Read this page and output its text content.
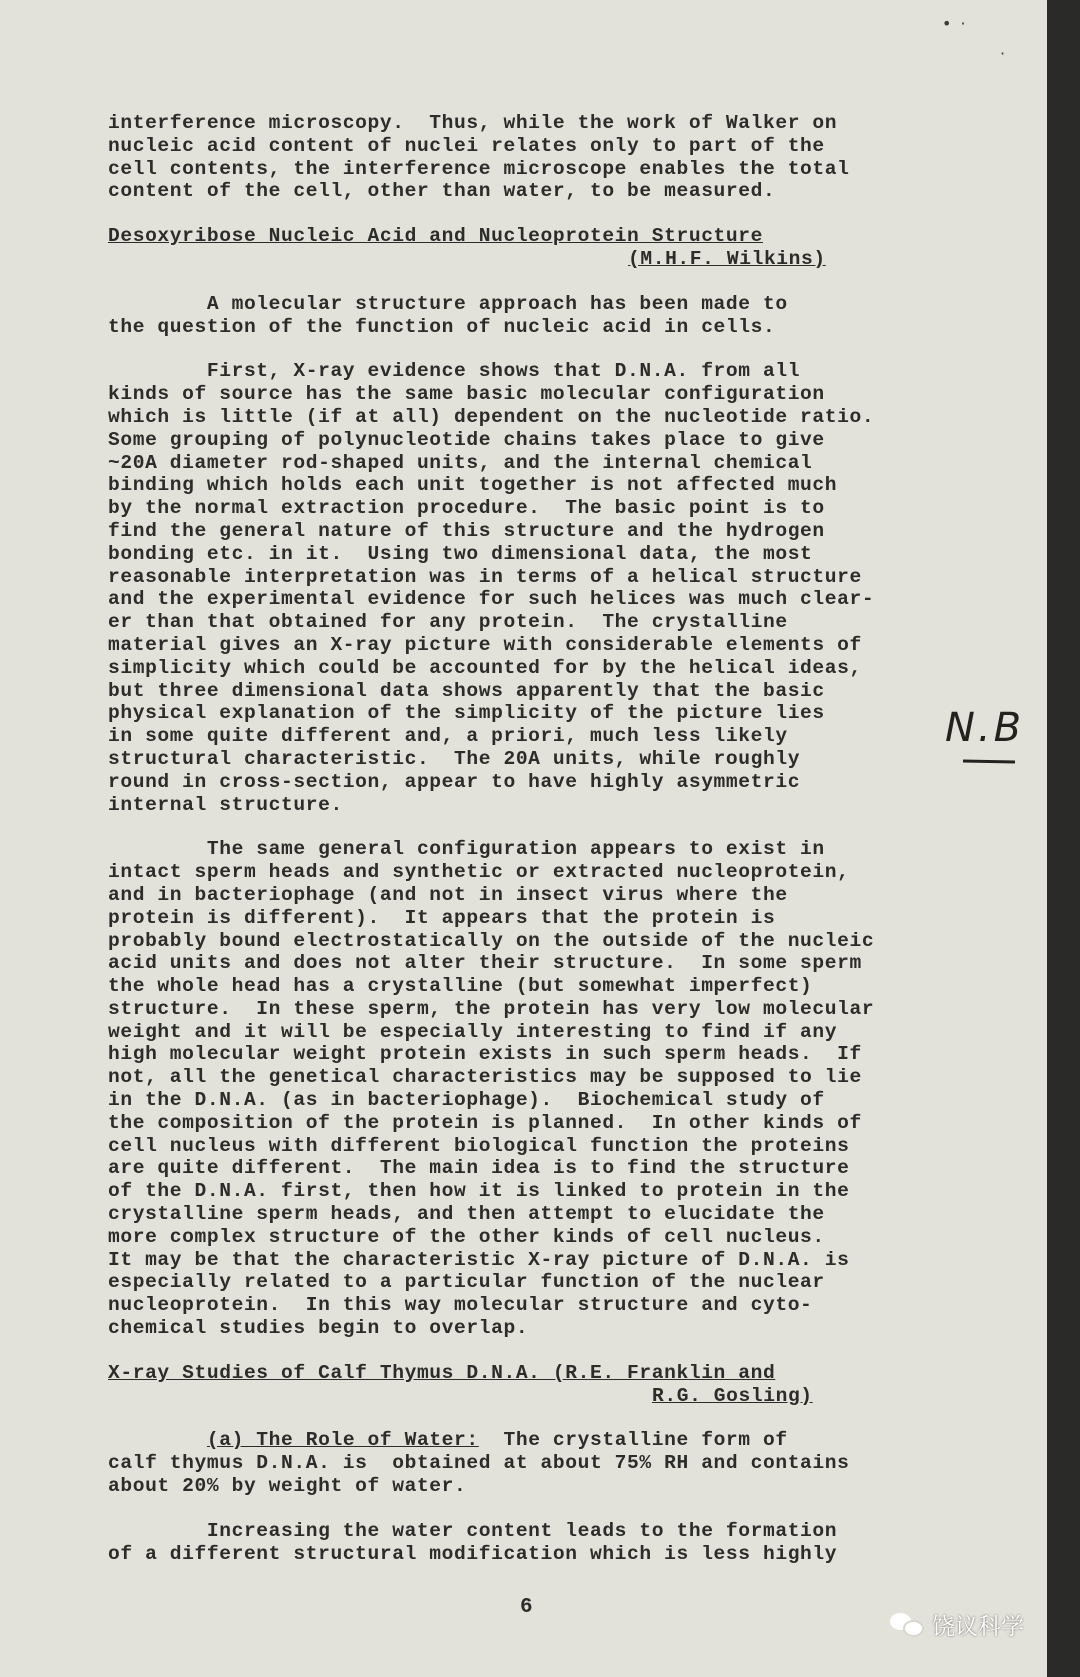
• ·
·
interference microscopy.  Thus, while the work of Walker on
nucleic acid content of nuclei relates only to part of the
cell contents, the interference microscope enables the total
content of the cell, other than water, to be measured.
Desoxyribose Nucleic Acid and Nucleoprotein Structure
(M.H.F. Wilkins)
A molecular structure approach has been made to
the question of the function of nucleic acid in cells.
First, X-ray evidence shows that D.N.A. from all
kinds of source has the same basic molecular configuration
which is little (if at all) dependent on the nucleotide ratio.
Some grouping of polynucleotide chains takes place to give
~20A diameter rod-shaped units, and the internal chemical
binding which holds each unit together is not affected much
by the normal extraction procedure.  The basic point is to
find the general nature of this structure and the hydrogen
bonding etc. in it.  Using two dimensional data, the most
reasonable interpretation was in terms of a helical structure
and the experimental evidence for such helices was much clear-
er than that obtained for any protein.  The crystalline
material gives an X-ray picture with considerable elements of
simplicity which could be accounted for by the helical ideas,
but three dimensional data shows apparently that the basic
physical explanation of the simplicity of the picture lies
in some quite different and, a priori, much less likely
structural characteristic.  The 20A units, while roughly
round in cross-section, appear to have highly asymmetric
internal structure.
The same general configuration appears to exist in
intact sperm heads and synthetic or extracted nucleoprotein,
and in bacteriophage (and not in insect virus where the
protein is different).  It appears that the protein is
probably bound electrostatically on the outside of the nucleic
acid units and does not alter their structure.  In some sperm
the whole head has a crystalline (but somewhat imperfect)
structure.  In these sperm, the protein has very low molecular
weight and it will be especially interesting to find if any
high molecular weight protein exists in such sperm heads.  If
not, all the genetical characteristics may be supposed to lie
in the D.N.A. (as in bacteriophage).  Biochemical study of
the composition of the protein is planned.  In other kinds of
cell nucleus with different biological function the proteins
are quite different.  The main idea is to find the structure
of the D.N.A. first, then how it is linked to protein in the
crystalline sperm heads, and then attempt to elucidate the
more complex structure of the other kinds of cell nucleus.
It may be that the characteristic X-ray picture of D.N.A. is
especially related to a particular function of the nuclear
nucleoprotein.  In this way molecular structure and cyto-
chemical studies begin to overlap.
X-ray Studies of Calf Thymus D.N.A. (R.E. Franklin and
R.G. Gosling)
(a) The Role of Water:  The crystalline form of
calf thymus D.N.A. is  obtained at about 75% RH and contains
about 20% by weight of water.
Increasing the water content leads to the formation
of a different structural modification which is less highly
N.B
6
饶议科学
